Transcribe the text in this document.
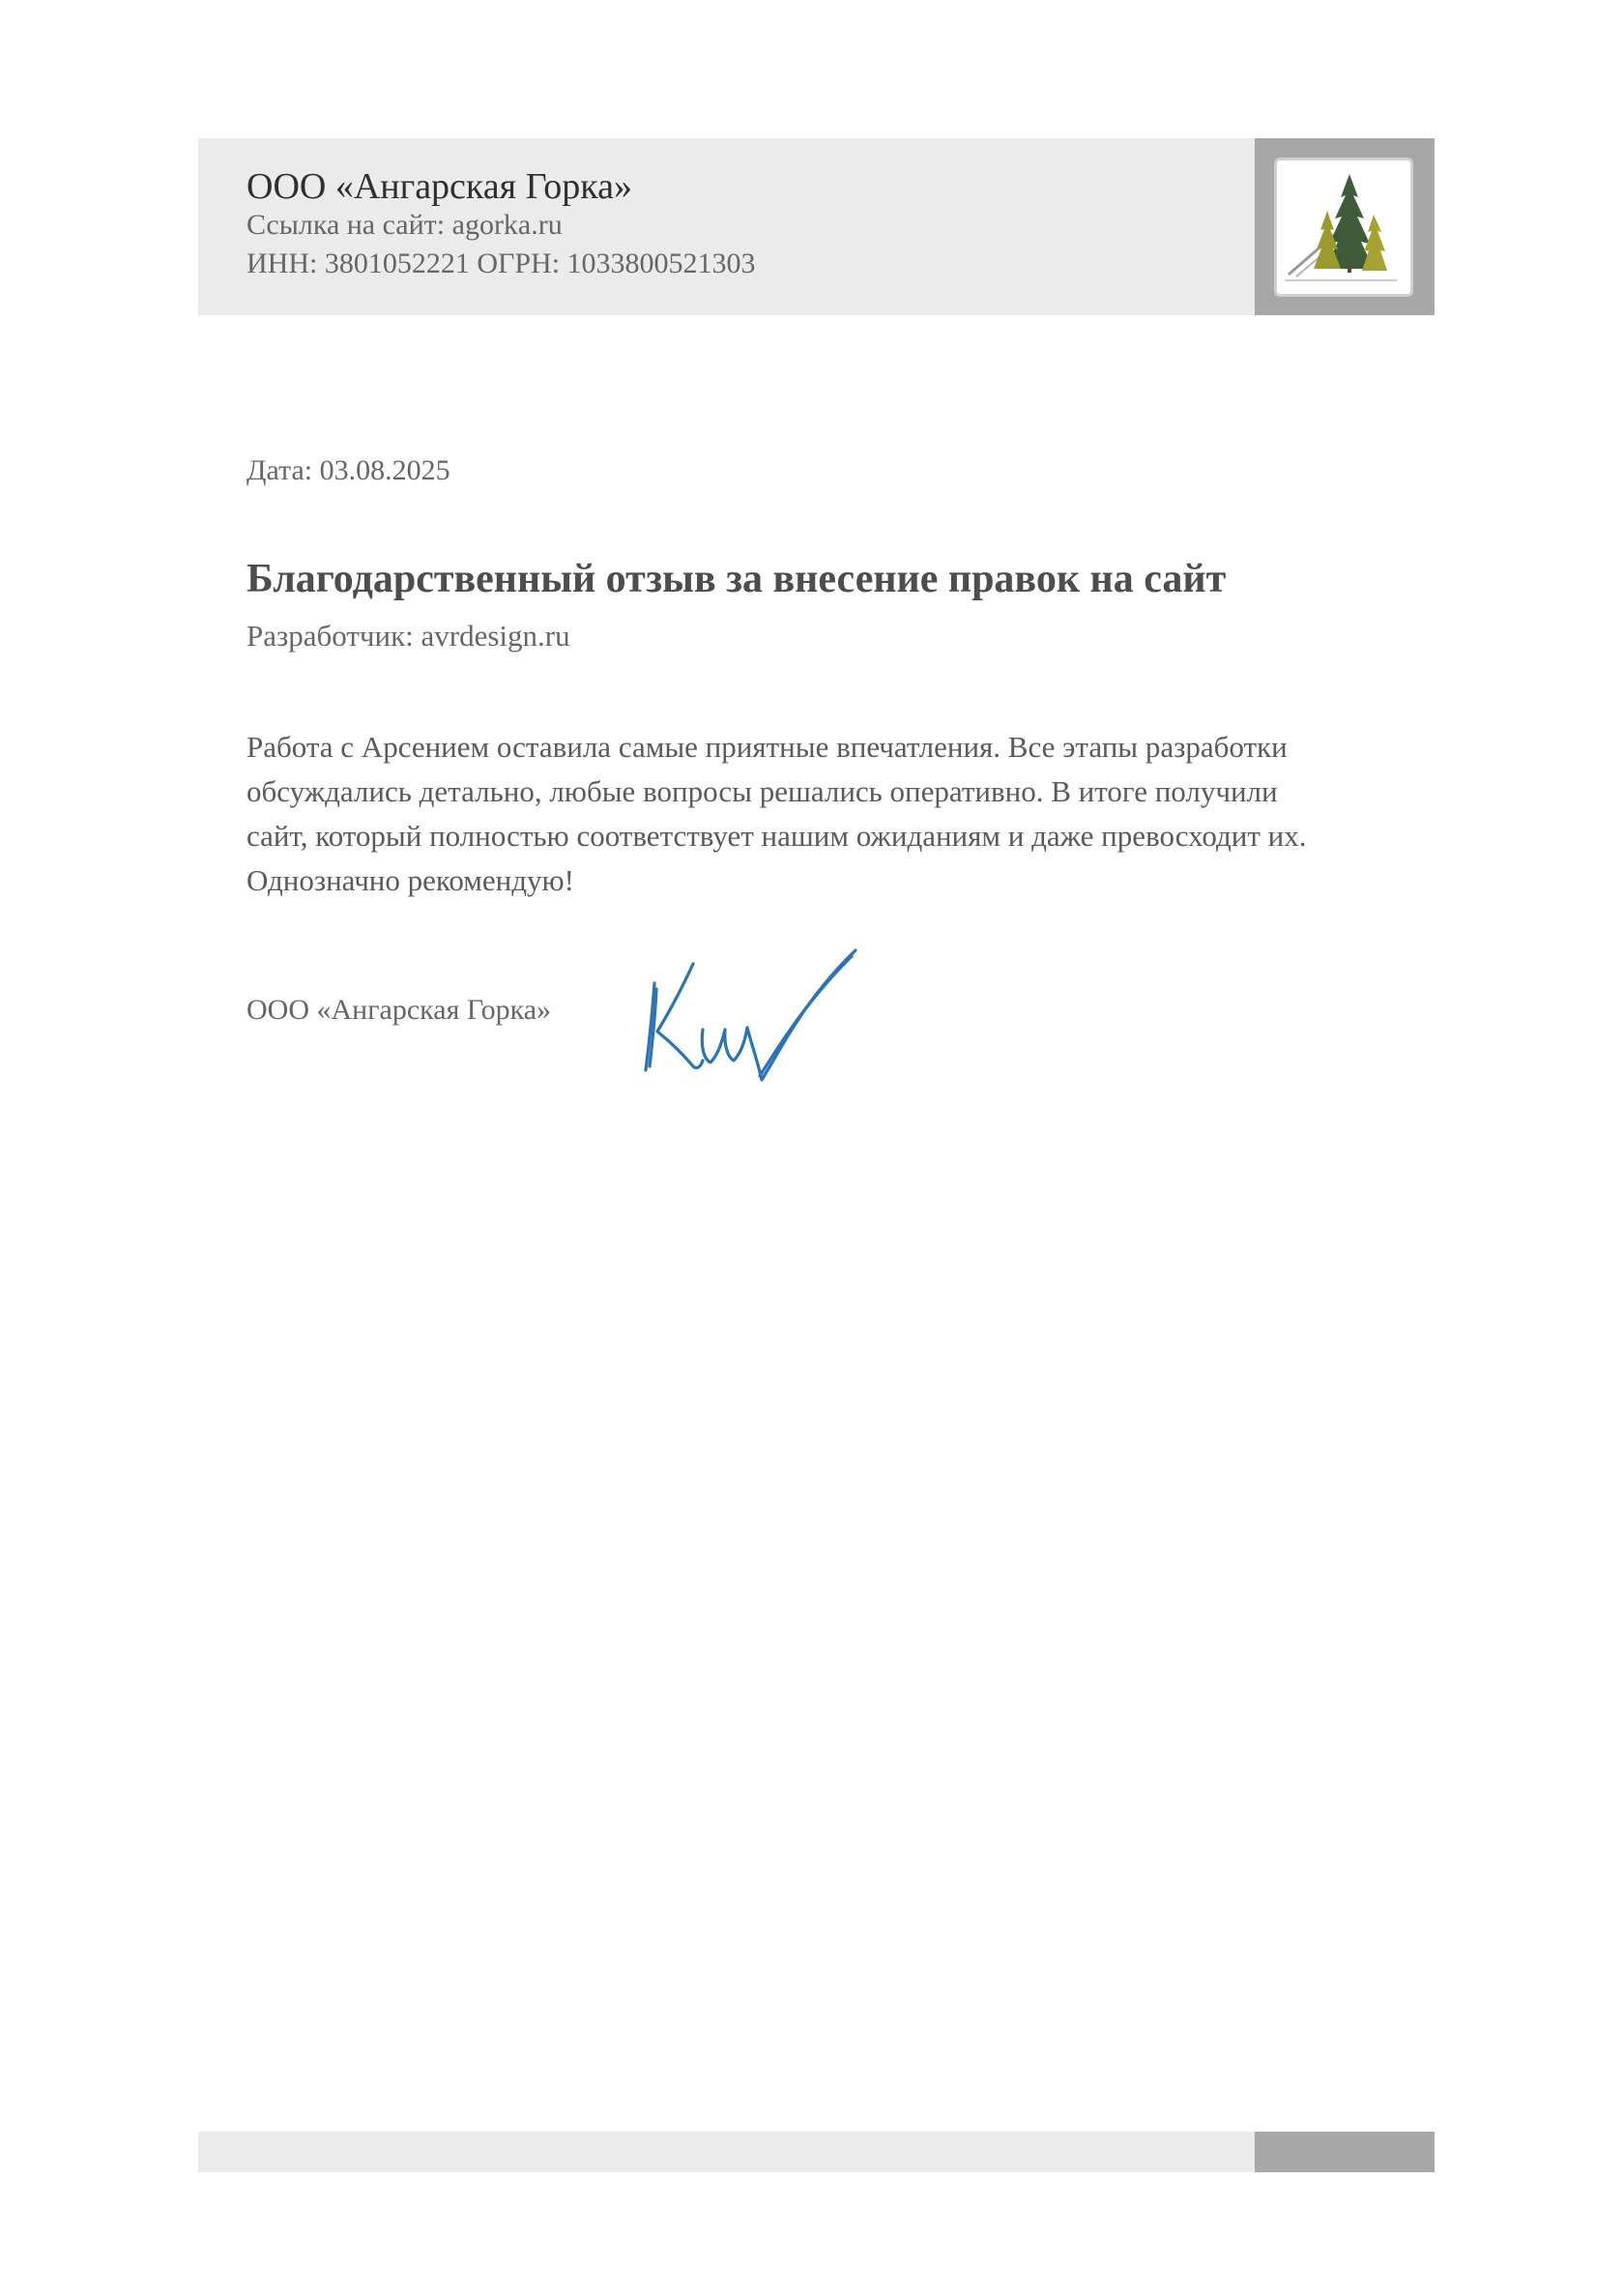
ООО «Ангарская Горка»
Ссылка на сайт: agorka.ru
ИНН: 3801052221 ОГРН: 1033800521303
Дата: 03.08.2025
Благодарственный отзыв за внесение правок на сайт
Разработчик: avrdesign.ru
Работа с Арсением оставила самые приятные впечатления. Все этапы разработки
обсуждались детально, любые вопросы решались оперативно. В итоге получили
сайт, который полностью соответствует нашим ожиданиям и даже превосходит их.
Однозначно рекомендую!
ООО «Ангарская Горка»
